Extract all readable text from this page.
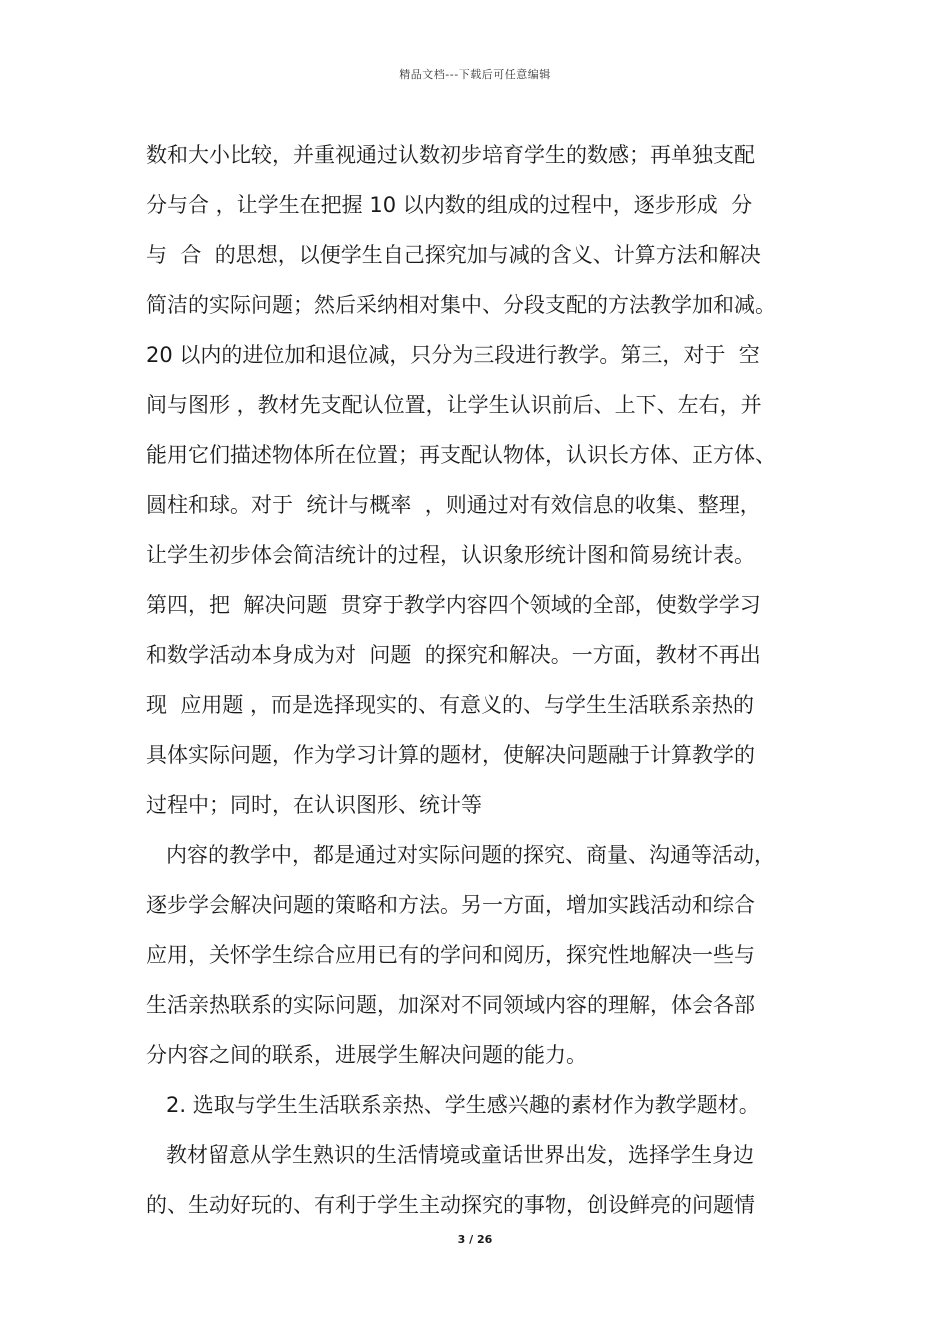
精品文档---下载后可任意编辑
数和大小比较，并重视通过认数初步培育学生的数感；再单独支配
分与合 ，让学生在把握 10 以内数的组成的过程中，逐步形成  分
与  合  的思想，以便学生自己探究加与减的含义、计算方法和解决
简洁的实际问题；然后采纳相对集中、分段支配的方法教学加和减。
20 以内的进位加和退位减，只分为三段进行教学。第三，对于  空
间与图形 ，教材先支配认位置，让学生认识前后、上下、左右，并
能用它们描述物体所在位置；再支配认物体，认识长方体、正方体、
圆柱和球。对于  统计与概率  ，则通过对有效信息的收集、整理，
让学生初步体会简洁统计的过程，认识象形统计图和简易统计表。
第四，把  解决问题  贯穿于教学内容四个领域的全部，使数学学习
和数学活动本身成为对  问题  的探究和解决。一方面，教材不再出
现  应用题 ，而是选择现实的、有意义的、与学生生活联系亲热的
具体实际问题，作为学习计算的题材，使解决问题融于计算教学的
过程中；同时，在认识图形、统计等
内容的教学中，都是通过对实际问题的探究、商量、沟通等活动，
逐步学会解决问题的策略和方法。另一方面，增加实践活动和综合
应用，关怀学生综合应用已有的学问和阅历，探究性地解决一些与
生活亲热联系的实际问题，加深对不同领域内容的理解，体会各部
分内容之间的联系，进展学生解决问题的能力。
2. 选取与学生生活联系亲热、学生感兴趣的素材作为教学题材。
教材留意从学生熟识的生活情境或童话世界出发，选择学生身边
的、生动好玩的、有利于学生主动探究的事物，创设鲜亮的问题情
3 / 26
